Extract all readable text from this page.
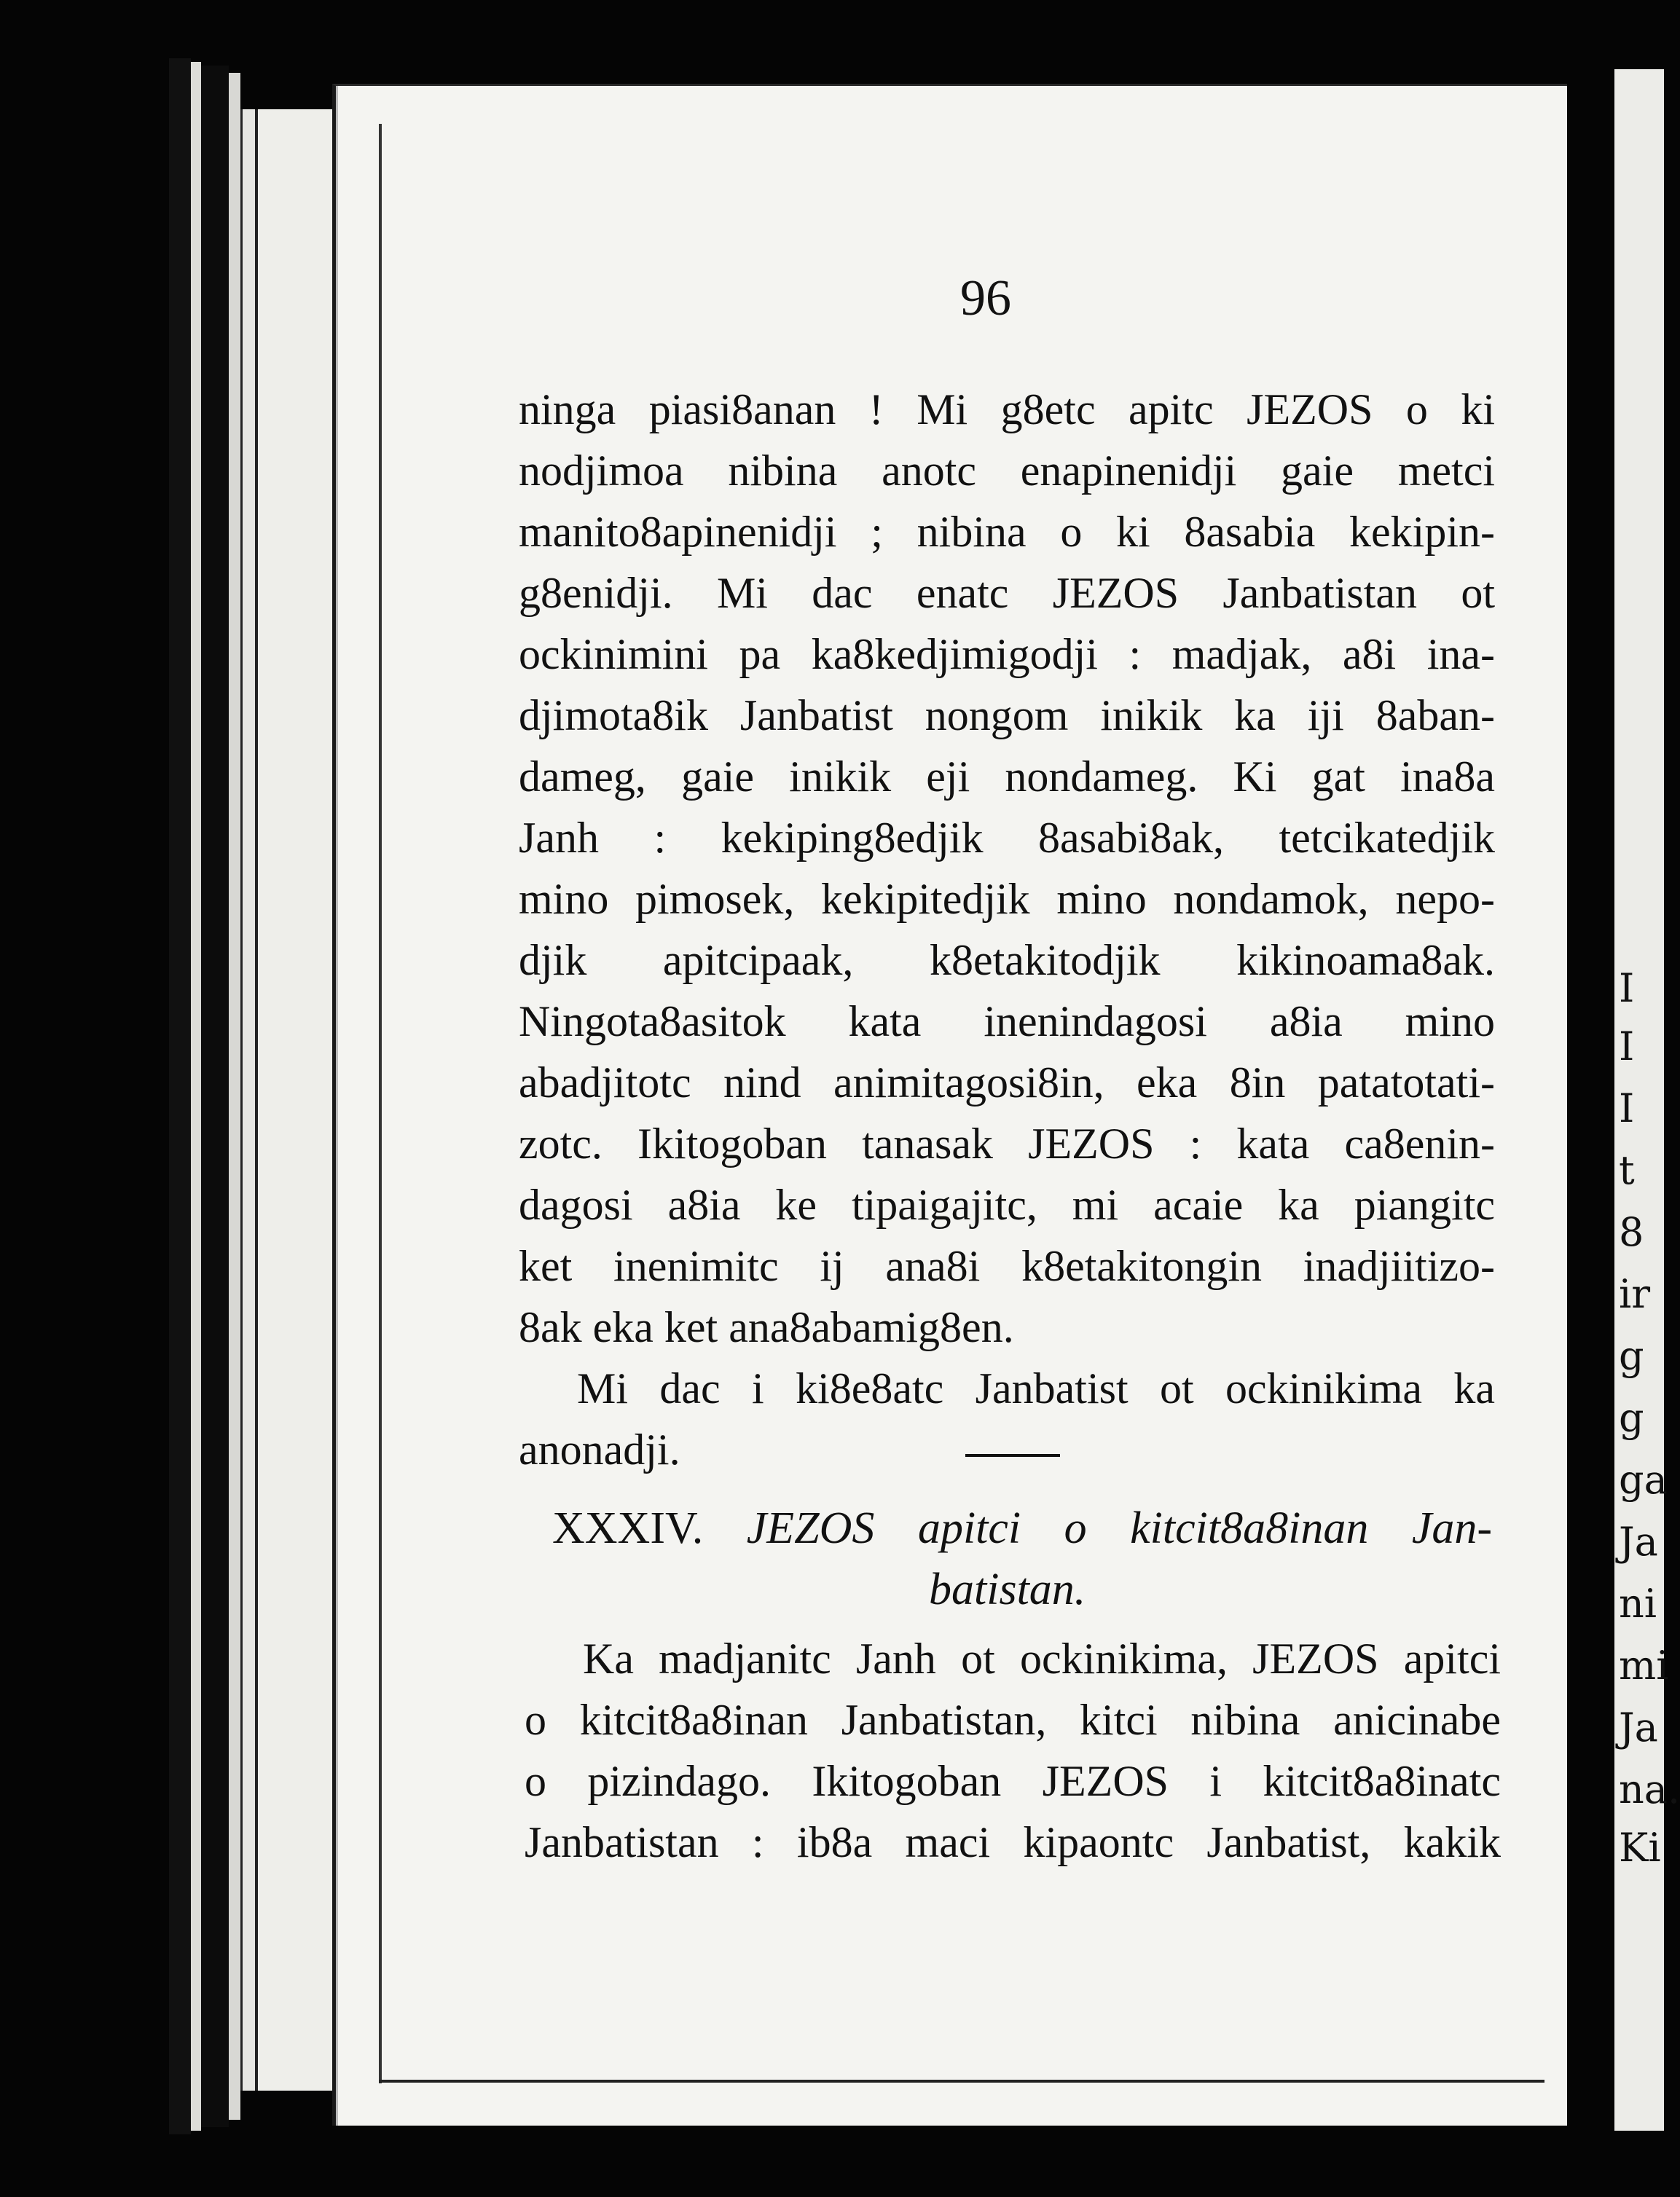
I
I
I
t
8
ir
g
g
ga
Ja
ni
mi
Ja
na.
Ki
96
ninga piasi8anan ! Mi g8etc apitc JEZOS o ki
nodjimoa nibina anotc enapinenidji gaie metci
manito8apinenidji ; nibina o ki 8asabia kekipin-
g8enidji. Mi dac enatc JEZOS Janbatistan ot
ockinimini pa ka8kedjimigodji : madjak, a8i ina-
djimota8ik Janbatist nongom inikik ka iji 8aban-
dameg, gaie inikik eji nondameg. Ki gat ina8a
Janh : kekiping8edjik 8asabi8ak, tetcikatedjik
mino pimosek, kekipitedjik mino nondamok, nepo-
djik apitcipaak, k8etakitodjik kikinoama8ak.
Ningota8asitok kata inenindagosi a8ia mino
abadjitotc nind animitagosi8in, eka 8in patatotati-
zotc. Ikitogoban tanasak JEZOS : kata ca8enin-
dagosi a8ia ke tipaigajitc, mi acaie ka piangitc
ket inenimitc ij ana8i k8etakitongin inadjiitizo-
8ak eka ket ana8abamig8en.
Mi dac i ki8e8atc Janbatist ot ockinikima ka
anonadji.
XXXIV. JEZOS apitci o kitcit8a8inan Jan-
batistan.
Ka madjanitc Janh ot ockinikima, JEZOS apitci
o kitcit8a8inan Janbatistan, kitci nibina anicinabe
o pizindago. Ikitogoban JEZOS i kitcit8a8inatc
Janbatistan : ib8a maci kipaontc Janbatist, kakik
